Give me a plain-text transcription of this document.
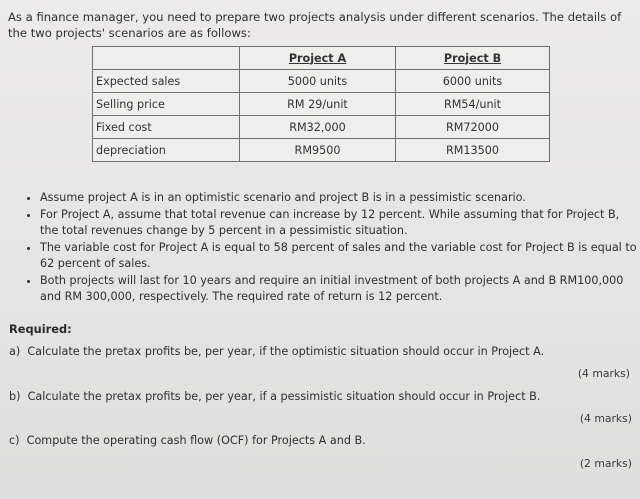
As a finance manager, you need to prepare two projects analysis under different scenarios. The details of the two projects' scenarios are as follows:
	Project A	Project B
Expected sales	5000 units	6000 units
Selling price	RM 29/unit	RM54/unit
Fixed cost	RM32,000	RM72000
depreciation	RM9500	RM13500
• Assume project A is in an optimistic scenario and project B is in a pessimistic scenario.
• For Project A, assume that total revenue can increase by 12 percent. While assuming that for Project B, the total revenues change by 5 percent in a pessimistic situation.
• The variable cost for Project A is equal to 58 percent of sales and the variable cost for Project B is equal to 62 percent of sales.
• Both projects will last for 10 years and require an initial investment of both projects A and B RM100,000 and RM 300,000, respectively. The required rate of return is 12 percent.
Required:
a) Calculate the pretax profits be, per year, if the optimistic situation should occur in Project A.
(4 marks)
b) Calculate the pretax profits be, per year, if a pessimistic situation should occur in Project B.
(4 marks)
c) Compute the operating cash flow (OCF) for Projects A and B.
(2 marks)
